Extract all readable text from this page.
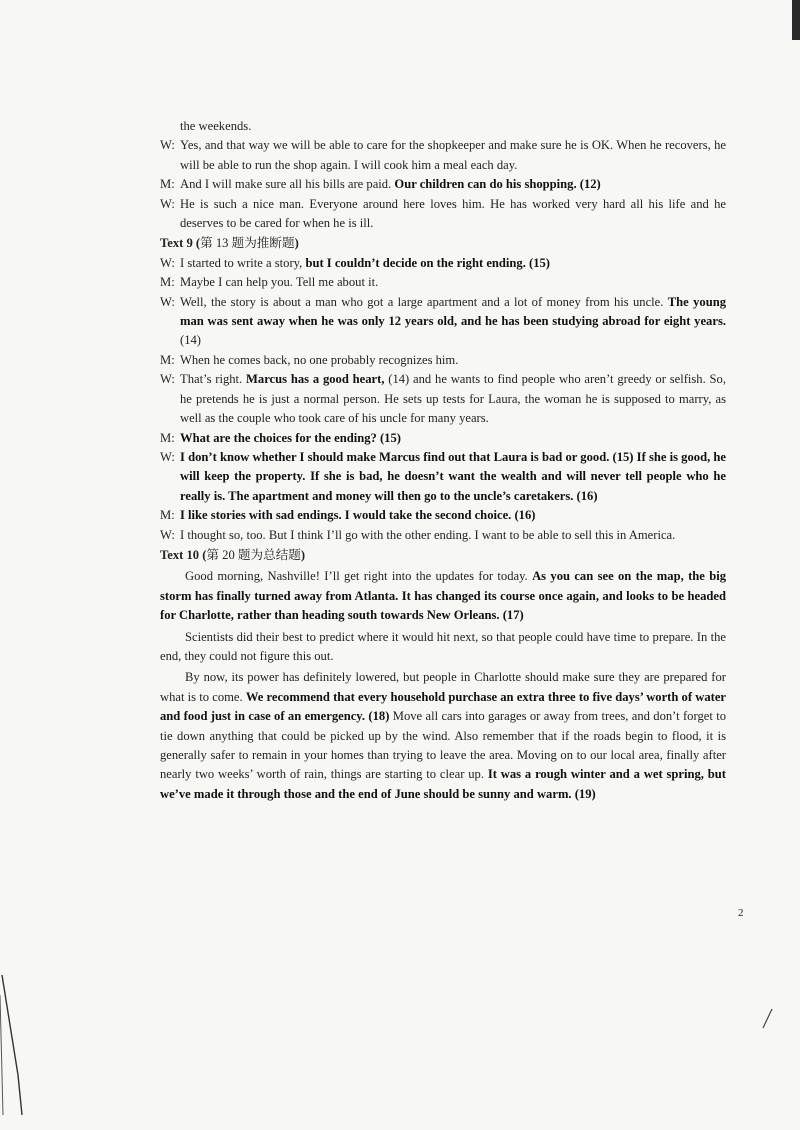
the weekends.

W: Yes, and that way we will be able to care for the shopkeeper and make sure he is OK. When he recovers, he will be able to run the shop again. I will cook him a meal each day.

M: And I will make sure all his bills are paid. Our children can do his shopping. (12)

W: He is such a nice man. Everyone around here loves him. He has worked very hard all his life and he deserves to be cared for when he is ill.

Text 9 (第 13 题为推断题)

W: I started to write a story, but I couldn’t decide on the right ending. (15)

M: Maybe I can help you. Tell me about it.

W: Well, the story is about a man who got a large apartment and a lot of money from his uncle. The young man was sent away when he was only 12 years old, and he has been studying abroad for eight years. (14)

M: When he comes back, no one probably recognizes him.

W: That’s right. Marcus has a good heart, (14) and he wants to find people who aren’t greedy or selfish. So, he pretends he is just a normal person. He sets up tests for Laura, the woman he is supposed to marry, as well as the couple who took care of his uncle for many years.

M: What are the choices for the ending? (15)

W: I don’t know whether I should make Marcus find out that Laura is bad or good. (15) If she is good, he will keep the property. If she is bad, he doesn’t want the wealth and will never tell people who he really is. The apartment and money will then go to the uncle’s caretakers. (16)

M: I like stories with sad endings. I would take the second choice. (16)

W: I thought so, too. But I think I’ll go with the other ending. I want to be able to sell this in America.

Text 10 (第 20 题为总结题)

Good morning, Nashville! I’ll get right into the updates for today. As you can see on the map, the big storm has finally turned away from Atlanta. It has changed its course once again, and looks to be headed for Charlotte, rather than heading south towards New Orleans. (17)

Scientists did their best to predict where it would hit next, so that people could have time to prepare. In the end, they could not figure this out.

By now, its power has definitely lowered, but people in Charlotte should make sure they are prepared for what is to come. We recommend that every household purchase an extra three to five days’ worth of water and food just in case of an emergency. (18) Move all cars into garages or away from trees, and don’t forget to tie down anything that could be picked up by the wind. Also remember that if the roads begin to flood, it is generally safer to remain in your homes than trying to leave the area. Moving on to our local area, finally after nearly two weeks’ worth of rain, things are starting to clear up. It was a rough winter and a wet spring, but we’ve made it through those and the end of June should be sunny and warm. (19)

2
